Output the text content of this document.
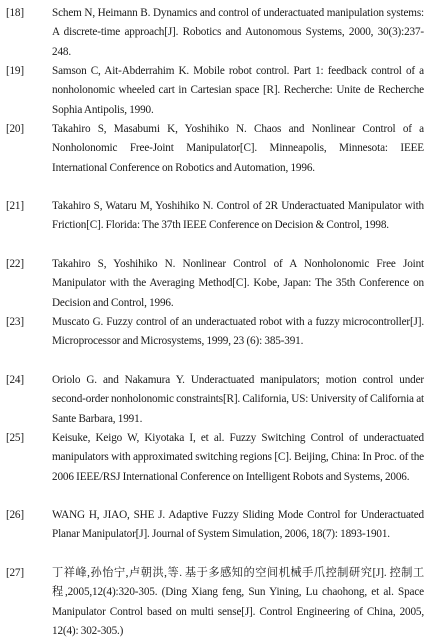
[18]	Schem N, Heimann B. Dynamics and control of underactuated manipulation systems: A discrete-time approach[J]. Robotics and Autonomous Systems, 2000, 30(3):237-248.
[19]	Samson C, Ait-Abderrahim K. Mobile robot control. Part 1: feedback control of a nonholonomic wheeled cart in Cartesian space [R]. Recherche: Unite de Recherche Sophia Antipolis, 1990.
[20]	Takahiro S, Masabumi K, Yoshihiko N. Chaos and Nonlinear Control of a Nonholonomic Free-Joint Manipulator[C]. Minneapolis, Minnesota: IEEE International Conference on Robotics and Automation, 1996.
[21]	Takahiro S, Wataru M, Yoshihiko N. Control of 2R Underactuated Manipulator with Friction[C]. Florida: The 37th IEEE Conference on Decision & Control, 1998.
[22]	Takahiro S, Yoshihiko N. Nonlinear Control of A Nonholonomic Free Joint Manipulator with the Averaging Method[C]. Kobe, Japan: The 35th Conference on Decision and Control, 1996.
[23]	Muscato G. Fuzzy control of an underactuated robot with a fuzzy microcontroller[J]. Microprocessor and Microsystems, 1999, 23 (6): 385-391.
[24]	Oriolo G. and Nakamura Y. Underactuated manipulators; motion control under second-order nonholonomic constraints[R]. California, US: University of California at Sante Barbara, 1991.
[25]	Keisuke, Keigo W, Kiyotaka I, et al. Fuzzy Switching Control of underactuated manipulators with approximated switching regions [C]. Beijing, China: In Proc. of the 2006 IEEE/RSJ International Conference on Intelligent Robots and Systems, 2006.
[26]	WANG H, JIAO, SHE J. Adaptive Fuzzy Sliding Mode Control for Underactuated Planar Manipulator[J]. Journal of System Simulation, 2006, 18(7): 1893-1901.
[27]	丁祥峰,孙怡宁,卢朝洪,等. 基于多感知的空间机械手爪控制研究[J]. 控制工程,2005,12(4):320-305. (Ding Xiang feng, Sun Yining, Lu chaohong, et al. Space Manipulator Control based on multi sense[J]. Control Engineering of China, 2005, 12(4): 302-305.)
